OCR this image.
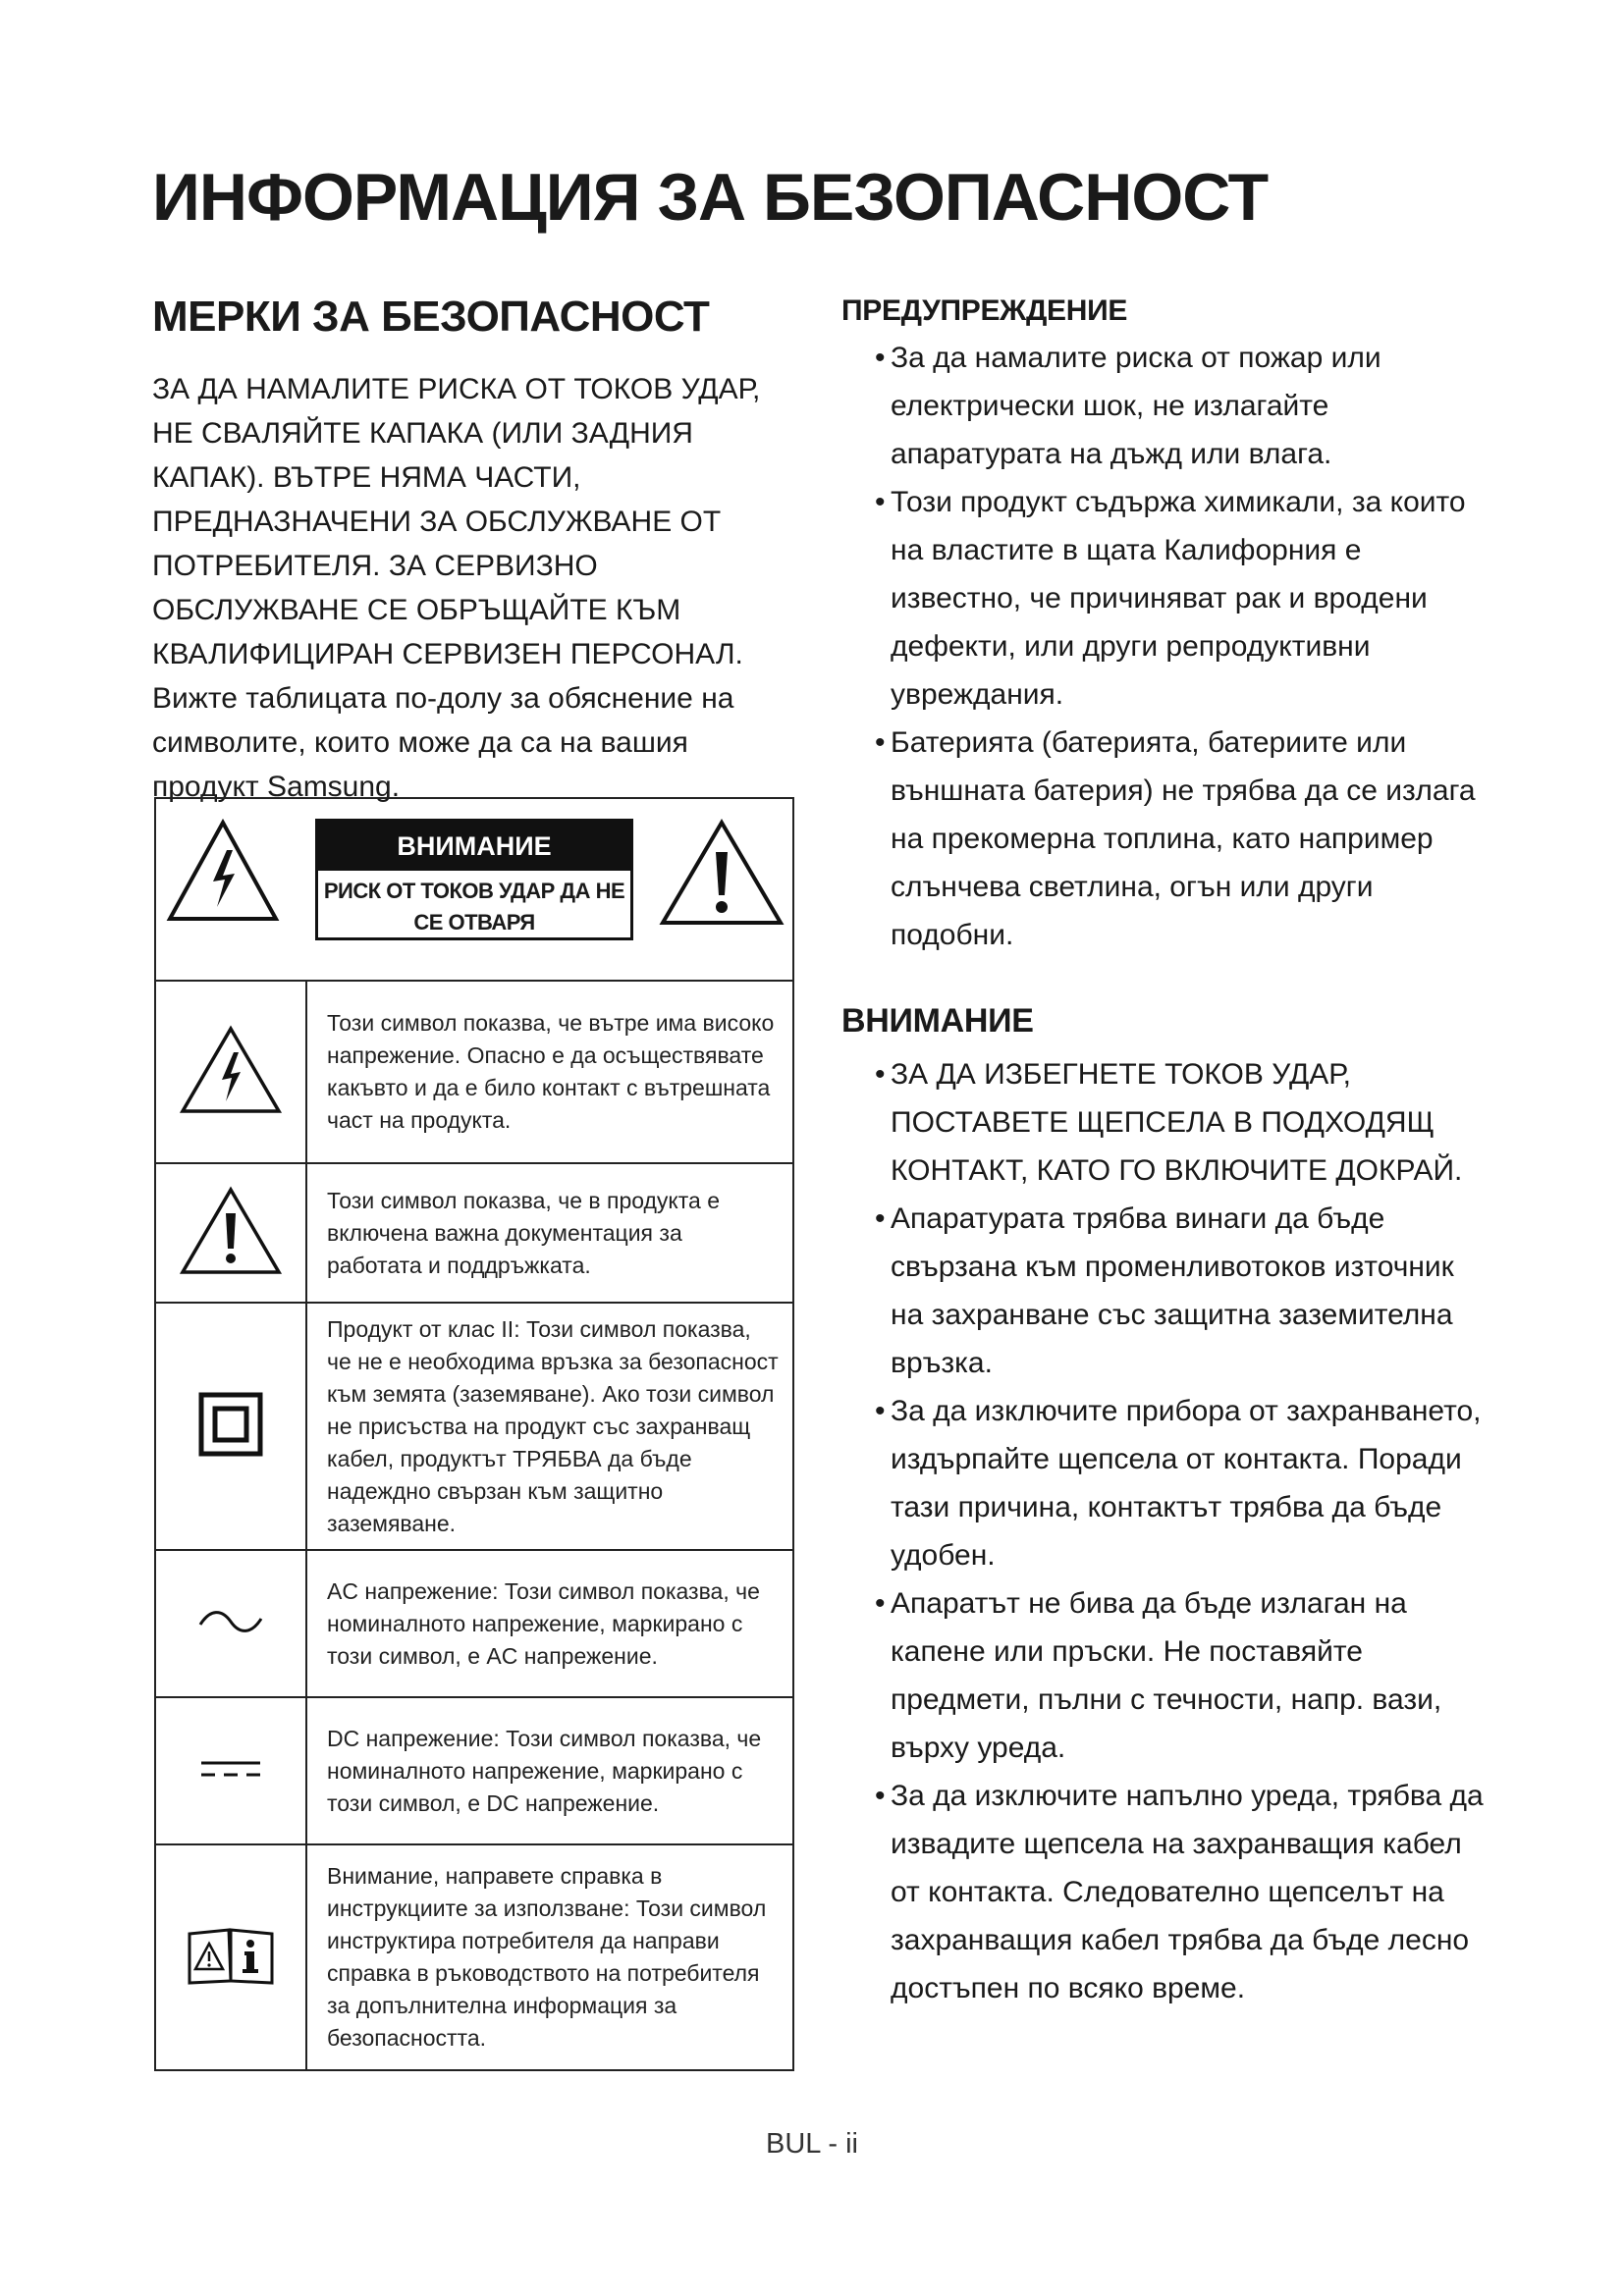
ИНФОРМАЦИЯ ЗА БЕЗОПАСНОСТ
МЕРКИ ЗА БЕЗОПАСНОСТ

ЗА ДА НАМАЛИТЕ РИСКА ОТ ТОКОВ УДАР, НЕ СВАЛЯЙТЕ КАПАКА (ИЛИ ЗАДНИЯ КАПАК). ВЪТРЕ НЯМА ЧАСТИ, ПРЕДНАЗНАЧЕНИ ЗА ОБСЛУЖВАНЕ ОТ ПОТРЕБИТЕЛЯ. ЗА СЕРВИЗНО ОБСЛУЖВАНЕ СЕ ОБРЪЩАЙТЕ КЪМ КВАЛИФИЦИРАН СЕРВИЗЕН ПЕРСОНАЛ.

Вижте таблицата по-долу за обяснение на символите, които може да са на вашия продукт Samsung.

ВНИМАНИЕ
РИСК ОТ ТОКОВ УДАР ДА НЕ СЕ ОТВАРЯ	

	Този символ показва, че вътре има високо напрежение. Опасно е да осъществявате какъвто и да е било контакт с вътрешната част на продукта.
	Този символ показва, че в продукта е включена важна документация за работата и поддръжката.
	Продукт от клас II: Този символ показва, че не е необходима връзка за безопасност към земята (заземяване). Ако този символ не присъства на продукт със захранващ кабел, продуктът ТРЯБВА да бъде надеждно свързан към защитно заземяване.
	AC напрежение: Този символ показва, че номиналното напрежение, маркирано с този символ, е AC напрежение.
	DC напрежение: Този символ показва, че номиналното напрежение, маркирано с този символ, е DC напрежение.
	Внимание, направете справка в инструкциите за използване: Този символ инструктира потребителя да направи справка в ръководството на потребителя за допълнителна информация за безопасността.
ПРЕДУПРЕЖДЕНИЕ
• За да намалите риска от пожар или електрически шок, не излагайте апаратурата на дъжд или влага.
• Този продукт съдържа химикали, за които на властите в щата Калифорния е известно, че причиняват рак и вродени дефекти, или други репродуктивни увреждания.
• Батерията (батерията, батериите или външната батерия) не трябва да се излага на прекомерна топлина, като например слънчева светлина, огън или други подобни.
ВНИМАНИЕ
• ЗА ДА ИЗБЕГНЕТЕ ТОКОВ УДАР, ПОСТАВЕТЕ ЩЕПСЕЛА В ПОДХОДЯЩ КОНТАКТ, КАТО ГО ВКЛЮЧИТЕ ДОКРАЙ.
• Апаратурата трябва винаги да бъде свързана към променливотоков източник на захранване със защитна заземителна връзка.
• За да изключите прибора от захранването, издърпайте щепсела от контакта. Поради тази причина, контактът трябва да бъде удобен.
• Апаратът не бива да бъде излаган на капене или пръски. Не поставяйте предмети, пълни с течности, напр. вази, върху уреда.
• За да изключите напълно уреда, трябва да извадите щепсела на захранващия кабел от контакта. Следователно щепселът на захранващия кабел трябва да бъде лесно достъпен по всяко време.
BUL - ii
